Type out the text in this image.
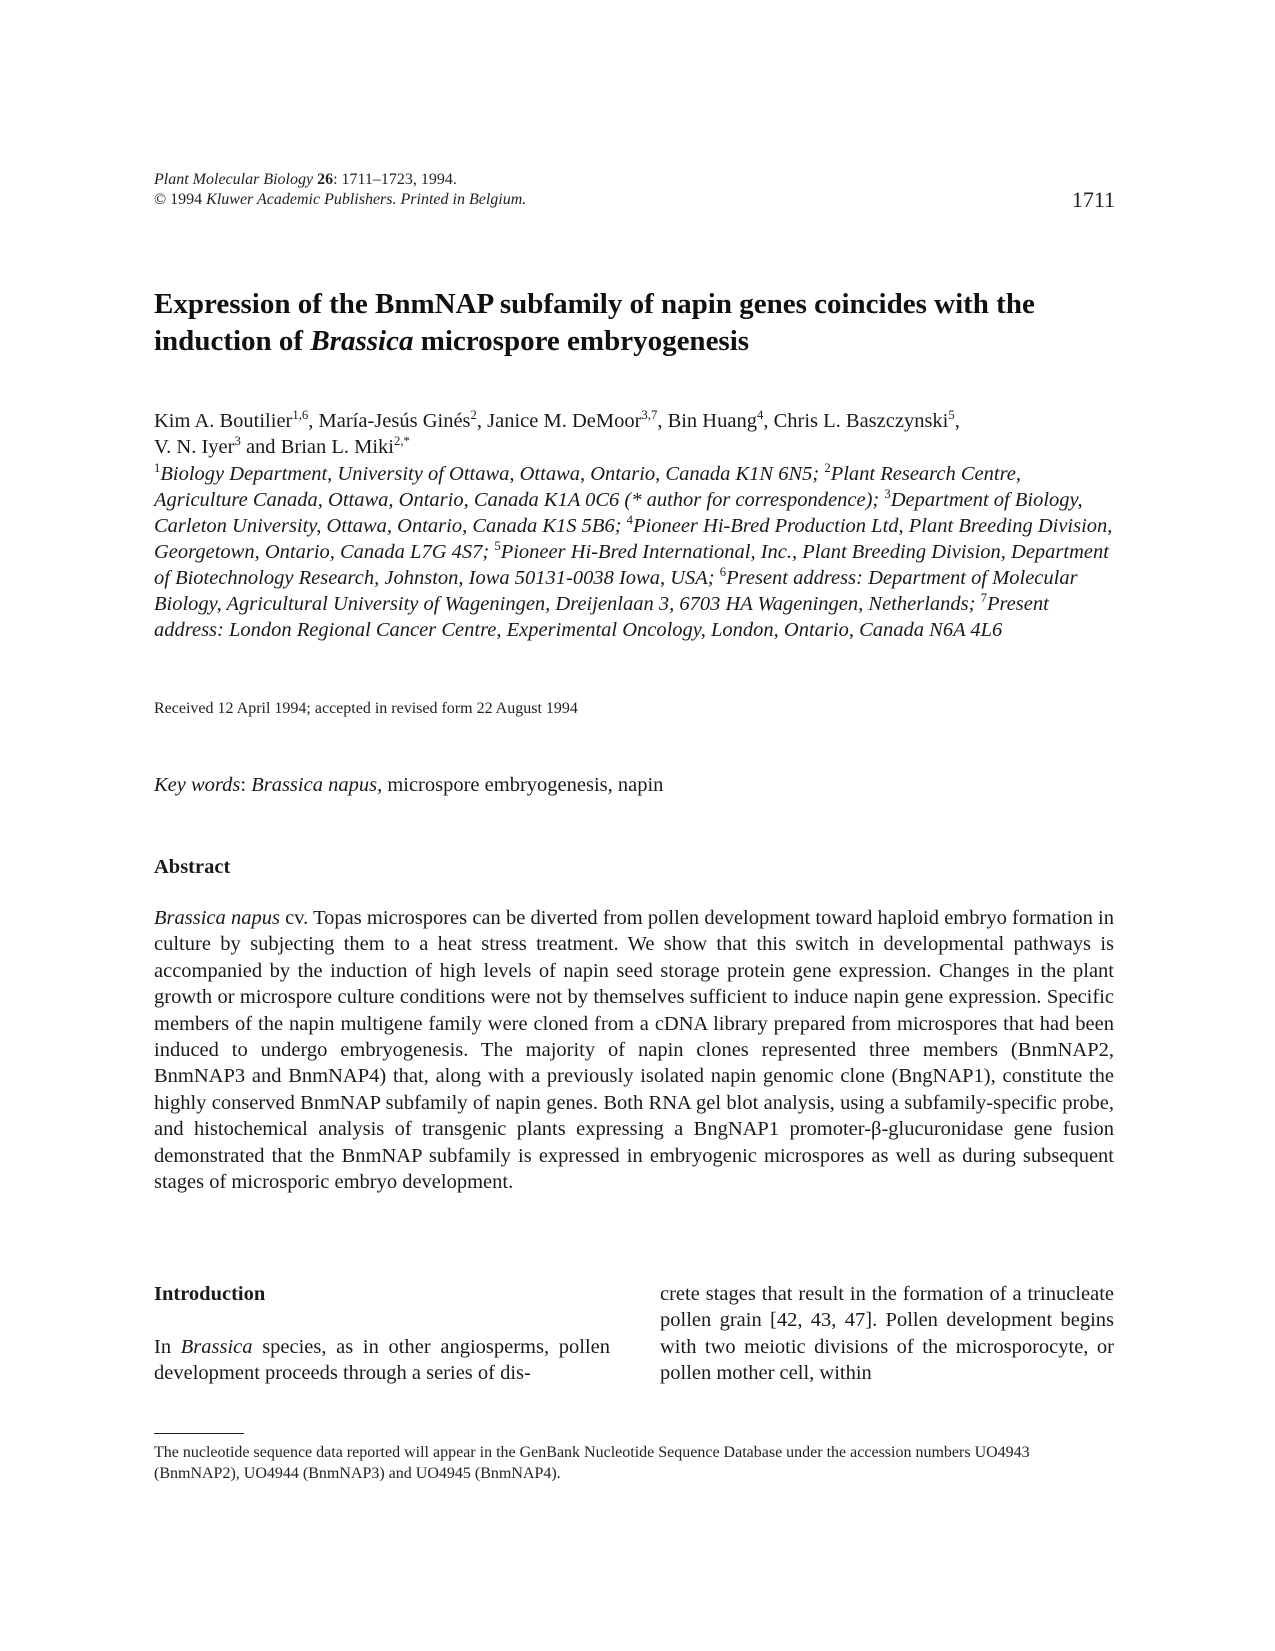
Plant Molecular Biology 26: 1711–1723, 1994.
© 1994 Kluwer Academic Publishers. Printed in Belgium.	1711
Expression of the BnmNAP subfamily of napin genes coincides with the induction of Brassica microspore embryogenesis
Kim A. Boutilier$^{1,6}$, María-Jesús Ginés$^2$, Janice M. DeMoor$^{3,7}$, Bin Huang$^4$, Chris L. Baszczynski$^5$,
V. N. Iyer$^3$ and Brian L. Miki$^{2,*}$
$^1$Biology Department, University of Ottawa, Ottawa, Ontario, Canada K1N 6N5; $^2$Plant Research Centre, Agriculture Canada, Ottawa, Ontario, Canada K1A 0C6 (* author for correspondence); $^3$Department of Biology, Carleton University, Ottawa, Ontario, Canada K1S 5B6; $^4$Pioneer Hi-Bred Production Ltd, Plant Breeding Division, Georgetown, Ontario, Canada L7G 4S7; $^5$Pioneer Hi-Bred International, Inc., Plant Breeding Division, Department of Biotechnology Research, Johnston, Iowa 50131-0038 Iowa, USA; $^6$Present address: Department of Molecular Biology, Agricultural University of Wageningen, Dreijenlaan 3, 6703 HA Wageningen, Netherlands; $^7$Present address: London Regional Cancer Centre, Experimental Oncology, London, Ontario, Canada N6A 4L6
Received 12 April 1994; accepted in revised form 22 August 1994
Key words: Brassica napus, microspore embryogenesis, napin
Abstract

Brassica napus cv. Topas microspores can be diverted from pollen development toward haploid embryo formation in culture by subjecting them to a heat stress treatment. We show that this switch in developmental pathways is accompanied by the induction of high levels of napin seed storage protein gene expression. Changes in the plant growth or microspore culture conditions were not by themselves sufficient to induce napin gene expression. Specific members of the napin multigene family were cloned from a cDNA library prepared from microspores that had been induced to undergo embryogenesis. The majority of napin clones represented three members (BnmNAP2, BnmNAP3 and BnmNAP4) that, along with a previously isolated napin genomic clone (BngNAP1), constitute the highly conserved BnmNAP subfamily of napin genes. Both RNA gel blot analysis, using a subfamily-specific probe, and histochemical analysis of transgenic plants expressing a BngNAP1 promoter-β-glucuronidase gene fusion demonstrated that the BnmNAP subfamily is expressed in embryogenic microspores as well as during subsequent stages of microsporic embryo development.

Introduction

In Brassica species, as in other angiosperms, pollen development proceeds through a series of dis-

crete stages that result in the formation of a trinucleate pollen grain [42, 43, 47]. Pollen development begins with two meiotic divisions of the microsporocyte, or pollen mother cell, within

The nucleotide sequence data reported will appear in the GenBank Nucleotide Sequence Database under the accession numbers UO4943 (BnmNAP2), UO4944 (BnmNAP3) and UO4945 (BnmNAP4).
